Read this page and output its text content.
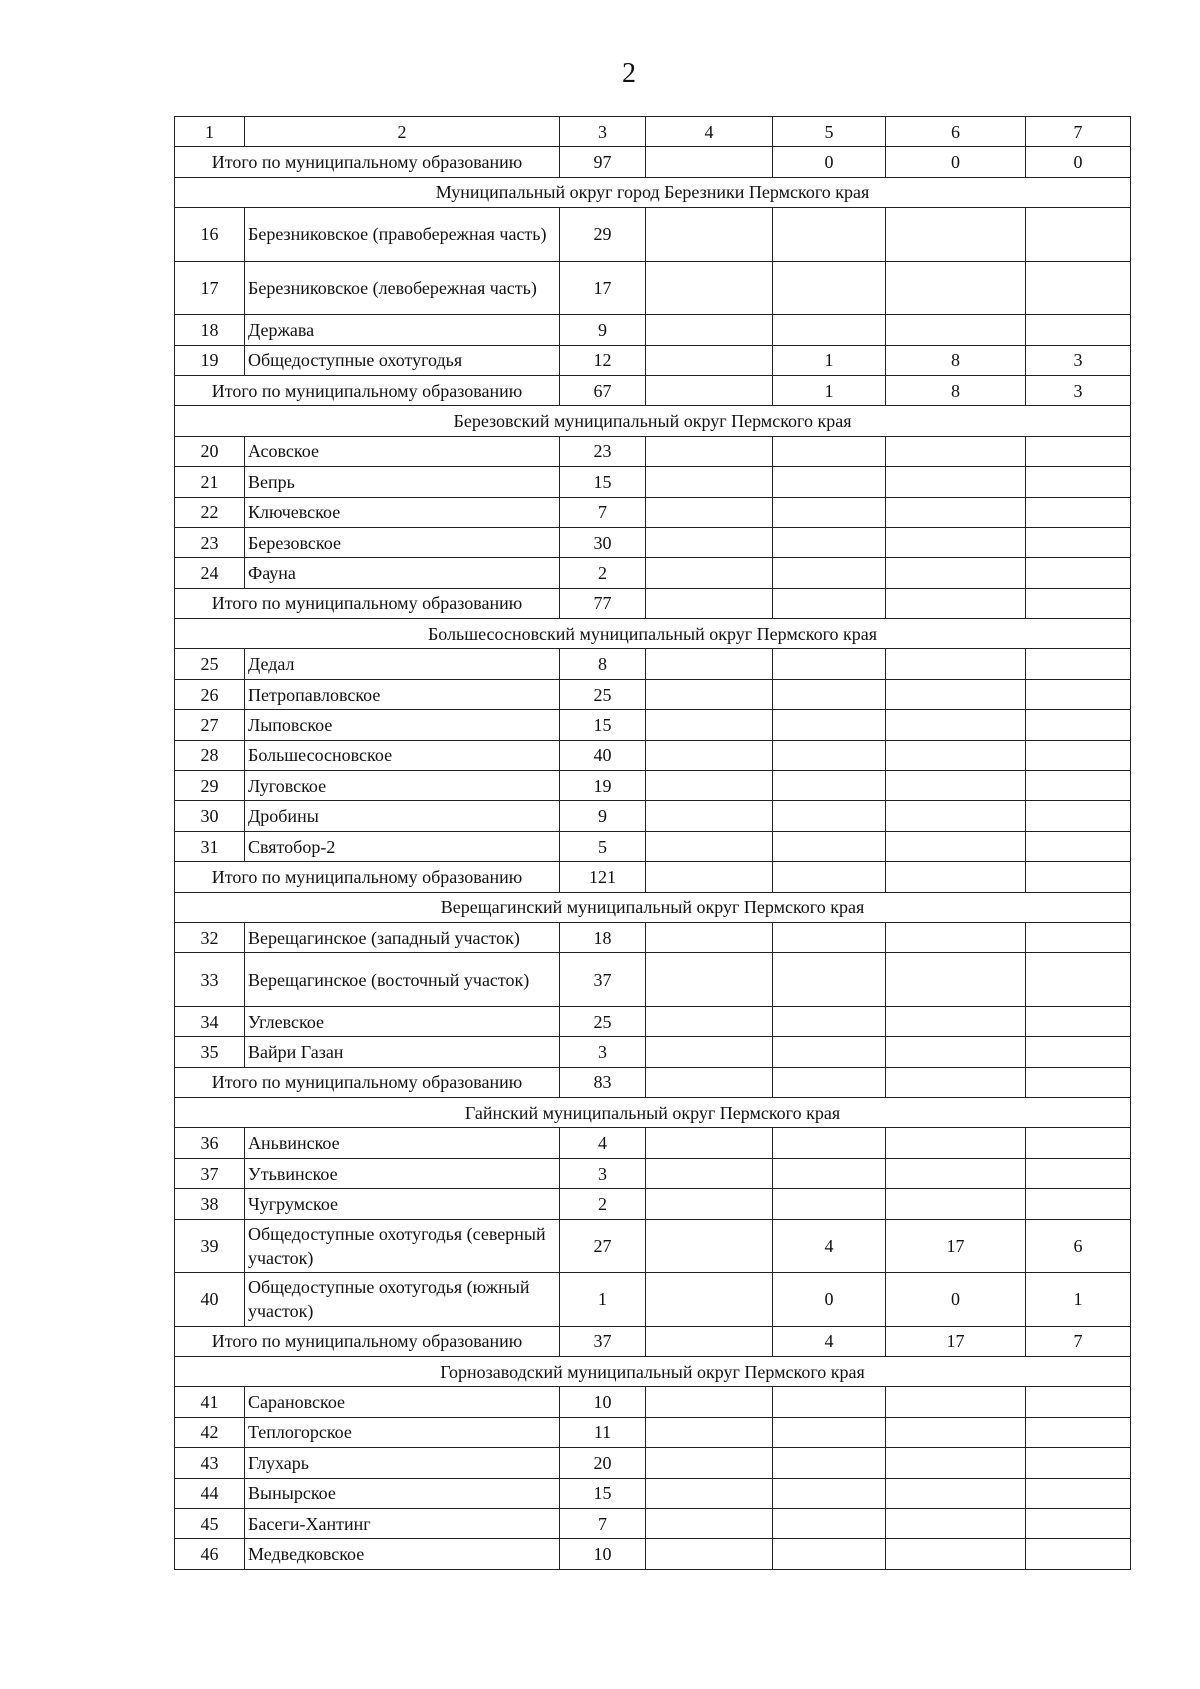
2
1	2	3	4	5	6	7
Итого по муниципальному образованию		97		0	0	0
Муниципальный округ город Березники Пермского края						
16	Березниковское (правобережная часть)	29				
17	Березниковское (левобережная часть)	17				
18	Держава	9				
19	Общедоступные охотугодья	12		1	8	3
Итого по муниципальному образованию		67		1	8	3
Березовский муниципальный округ Пермского края						
20	Асовское	23				
21	Вепрь	15				
22	Ключевское	7				
23	Березовское	30				
24	Фауна	2				
Итого по муниципальному образованию		77				
Большесосновский муниципальный округ Пермского края						
25	Дедал	8				
26	Петропавловское	25				
27	Лыповское	15				
28	Большесосновское	40				
29	Луговское	19				
30	Дробины	9				
31	Святобор-2	5				
Итого по муниципальному образованию		121				
Верещагинский муниципальный округ Пермского края						
32	Верещагинское (западный участок)	18				
33	Верещагинское (восточный участок)	37				
34	Углевское	25				
35	Вайри Газан	3				
Итого по муниципальному образованию		83				
Гайнский муниципальный округ Пермского края						
36	Аньвинское	4				
37	Утьвинское	3				
38	Чугрумское	2				
39	Общедоступные охотугодья (северный участок)	27		4	17	6
40	Общедоступные охотугодья (южный участок)	1		0	0	1
Итого по муниципальному образованию		37		4	17	7
Горнозаводский муниципальный округ Пермского края						
41	Сарановское	10				
42	Теплогорское	11				
43	Глухарь	20				
44	Вынырское	15				
45	Басеги-Хантинг	7				
46	Медведковское	10				
